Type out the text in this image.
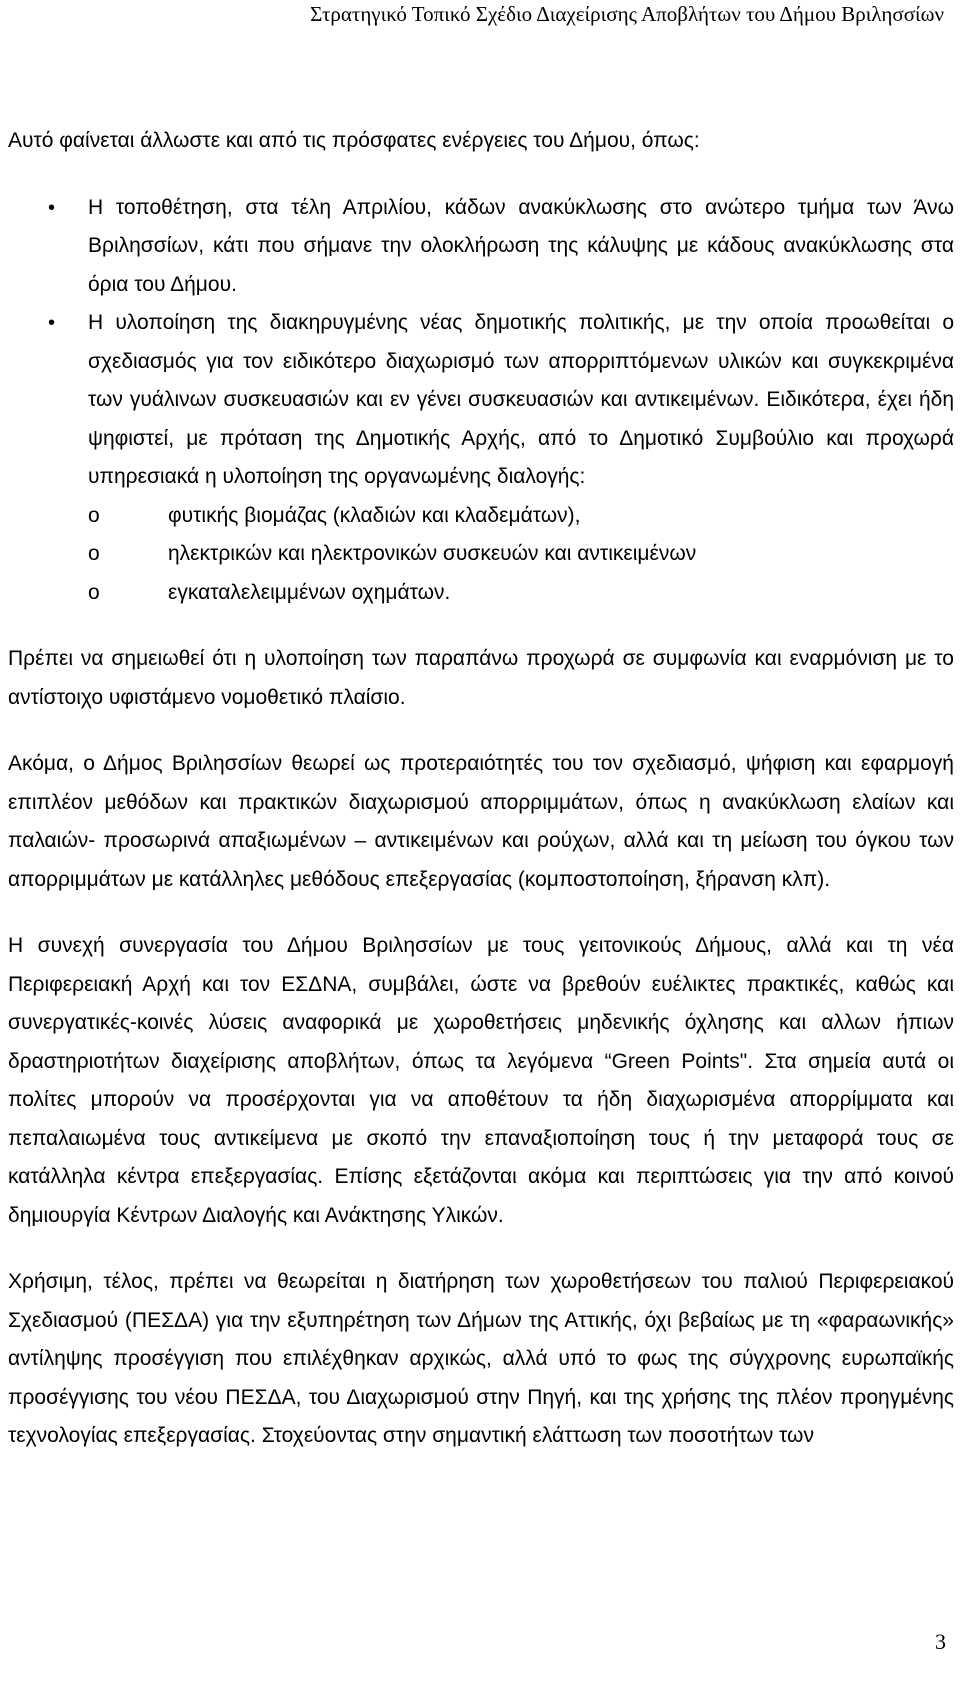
Στρατηγικό Τοπικό Σχέδιο Διαχείρισης Αποβλήτων του Δήμου Βριλησσίων

Αυτό φαίνεται άλλωστε και από τις πρόσφατες ενέργειες του Δήμου, όπως:

• Η τοποθέτηση, στα τέλη Απριλίου, κάδων ανακύκλωσης στο ανώτερο τμήμα των Άνω Βριλησσίων, κάτι που σήμανε την ολοκλήρωση της κάλυψης με κάδους ανακύκλωσης στα όρια του Δήμου.
• Η υλοποίηση της διακηρυγμένης νέας δημοτικής πολιτικής, με την οποία προωθείται ο σχεδιασμός για τον ειδικότερο διαχωρισμό των απορριπτόμενων υλικών και συγκεκριμένα των γυάλινων συσκευασιών και εν γένει συσκευασιών και αντικειμένων. Ειδικότερα, έχει ήδη ψηφιστεί, με πρόταση της Δημοτικής Αρχής, από το Δημοτικό Συμβούλιο και προχωρά υπηρεσιακά η υλοποίηση της οργανωμένης διαλογής:
o	φυτικής βιομάζας (κλαδιών και κλαδεμάτων),
o	ηλεκτρικών και ηλεκτρονικών συσκευών και αντικειμένων
o	εγκαταλελειμμένων οχημάτων.

Πρέπει να σημειωθεί ότι η υλοποίηση των παραπάνω προχωρά σε συμφωνία και εναρμόνιση με το αντίστοιχο υφιστάμενο νομοθετικό πλαίσιο.

Ακόμα, ο Δήμος Βριλησσίων θεωρεί ως προτεραιότητές του τον σχεδιασμό, ψήφιση και εφαρμογή επιπλέον μεθόδων και πρακτικών διαχωρισμού απορριμμάτων, όπως η ανακύκλωση ελαίων και παλαιών- προσωρινά απαξιωμένων – αντικειμένων και ρούχων, αλλά και τη μείωση του όγκου των απορριμμάτων με κατάλληλες μεθόδους επεξεργασίας (κομποστοποίηση, ξήρανση κλπ).

Η συνεχή συνεργασία του Δήμου Βριλησσίων με τους γειτονικούς Δήμους, αλλά και τη νέα Περιφερειακή Αρχή και τον ΕΣΔΝΑ, συμβάλει, ώστε να βρεθούν ευέλικτες πρακτικές, καθώς και συνεργατικές-κοινές λύσεις αναφορικά με χωροθετήσεις μηδενικής όχλησης και αλλων ήπιων δραστηριοτήτων διαχείρισης αποβλήτων, όπως τα λεγόμενα “Green Points". Στα σημεία αυτά οι πολίτες μπορούν να προσέρχονται για να αποθέτουν τα ήδη διαχωρισμένα απορρίμματα και πεπαλαιωμένα τους αντικείμενα με σκοπό την επαναξιοποίηση τους ή την μεταφορά τους σε κατάλληλα κέντρα επεξεργασίας. Επίσης εξετάζονται ακόμα και περιπτώσεις για την από κοινού δημιουργία Κέντρων Διαλογής και Ανάκτησης Υλικών.

Χρήσιμη, τέλος, πρέπει να θεωρείται η διατήρηση των χωροθετήσεων του παλιού Περιφερειακού Σχεδιασμού (ΠΕΣΔΑ) για την εξυπηρέτηση των Δήμων της Αττικής, όχι βεβαίως με τη «φαραωνικής» αντίληψης προσέγγιση που επιλέχθηκαν αρχικώς, αλλά υπό το φως της σύγχρονης ευρωπαϊκής προσέγγισης του νέου ΠΕΣΔΑ, του Διαχωρισμού στην Πηγή, και της χρήσης της πλέον προηγμένης τεχνολογίας επεξεργασίας. Στοχεύοντας στην σημαντική ελάττωση των ποσοτήτων των

3
